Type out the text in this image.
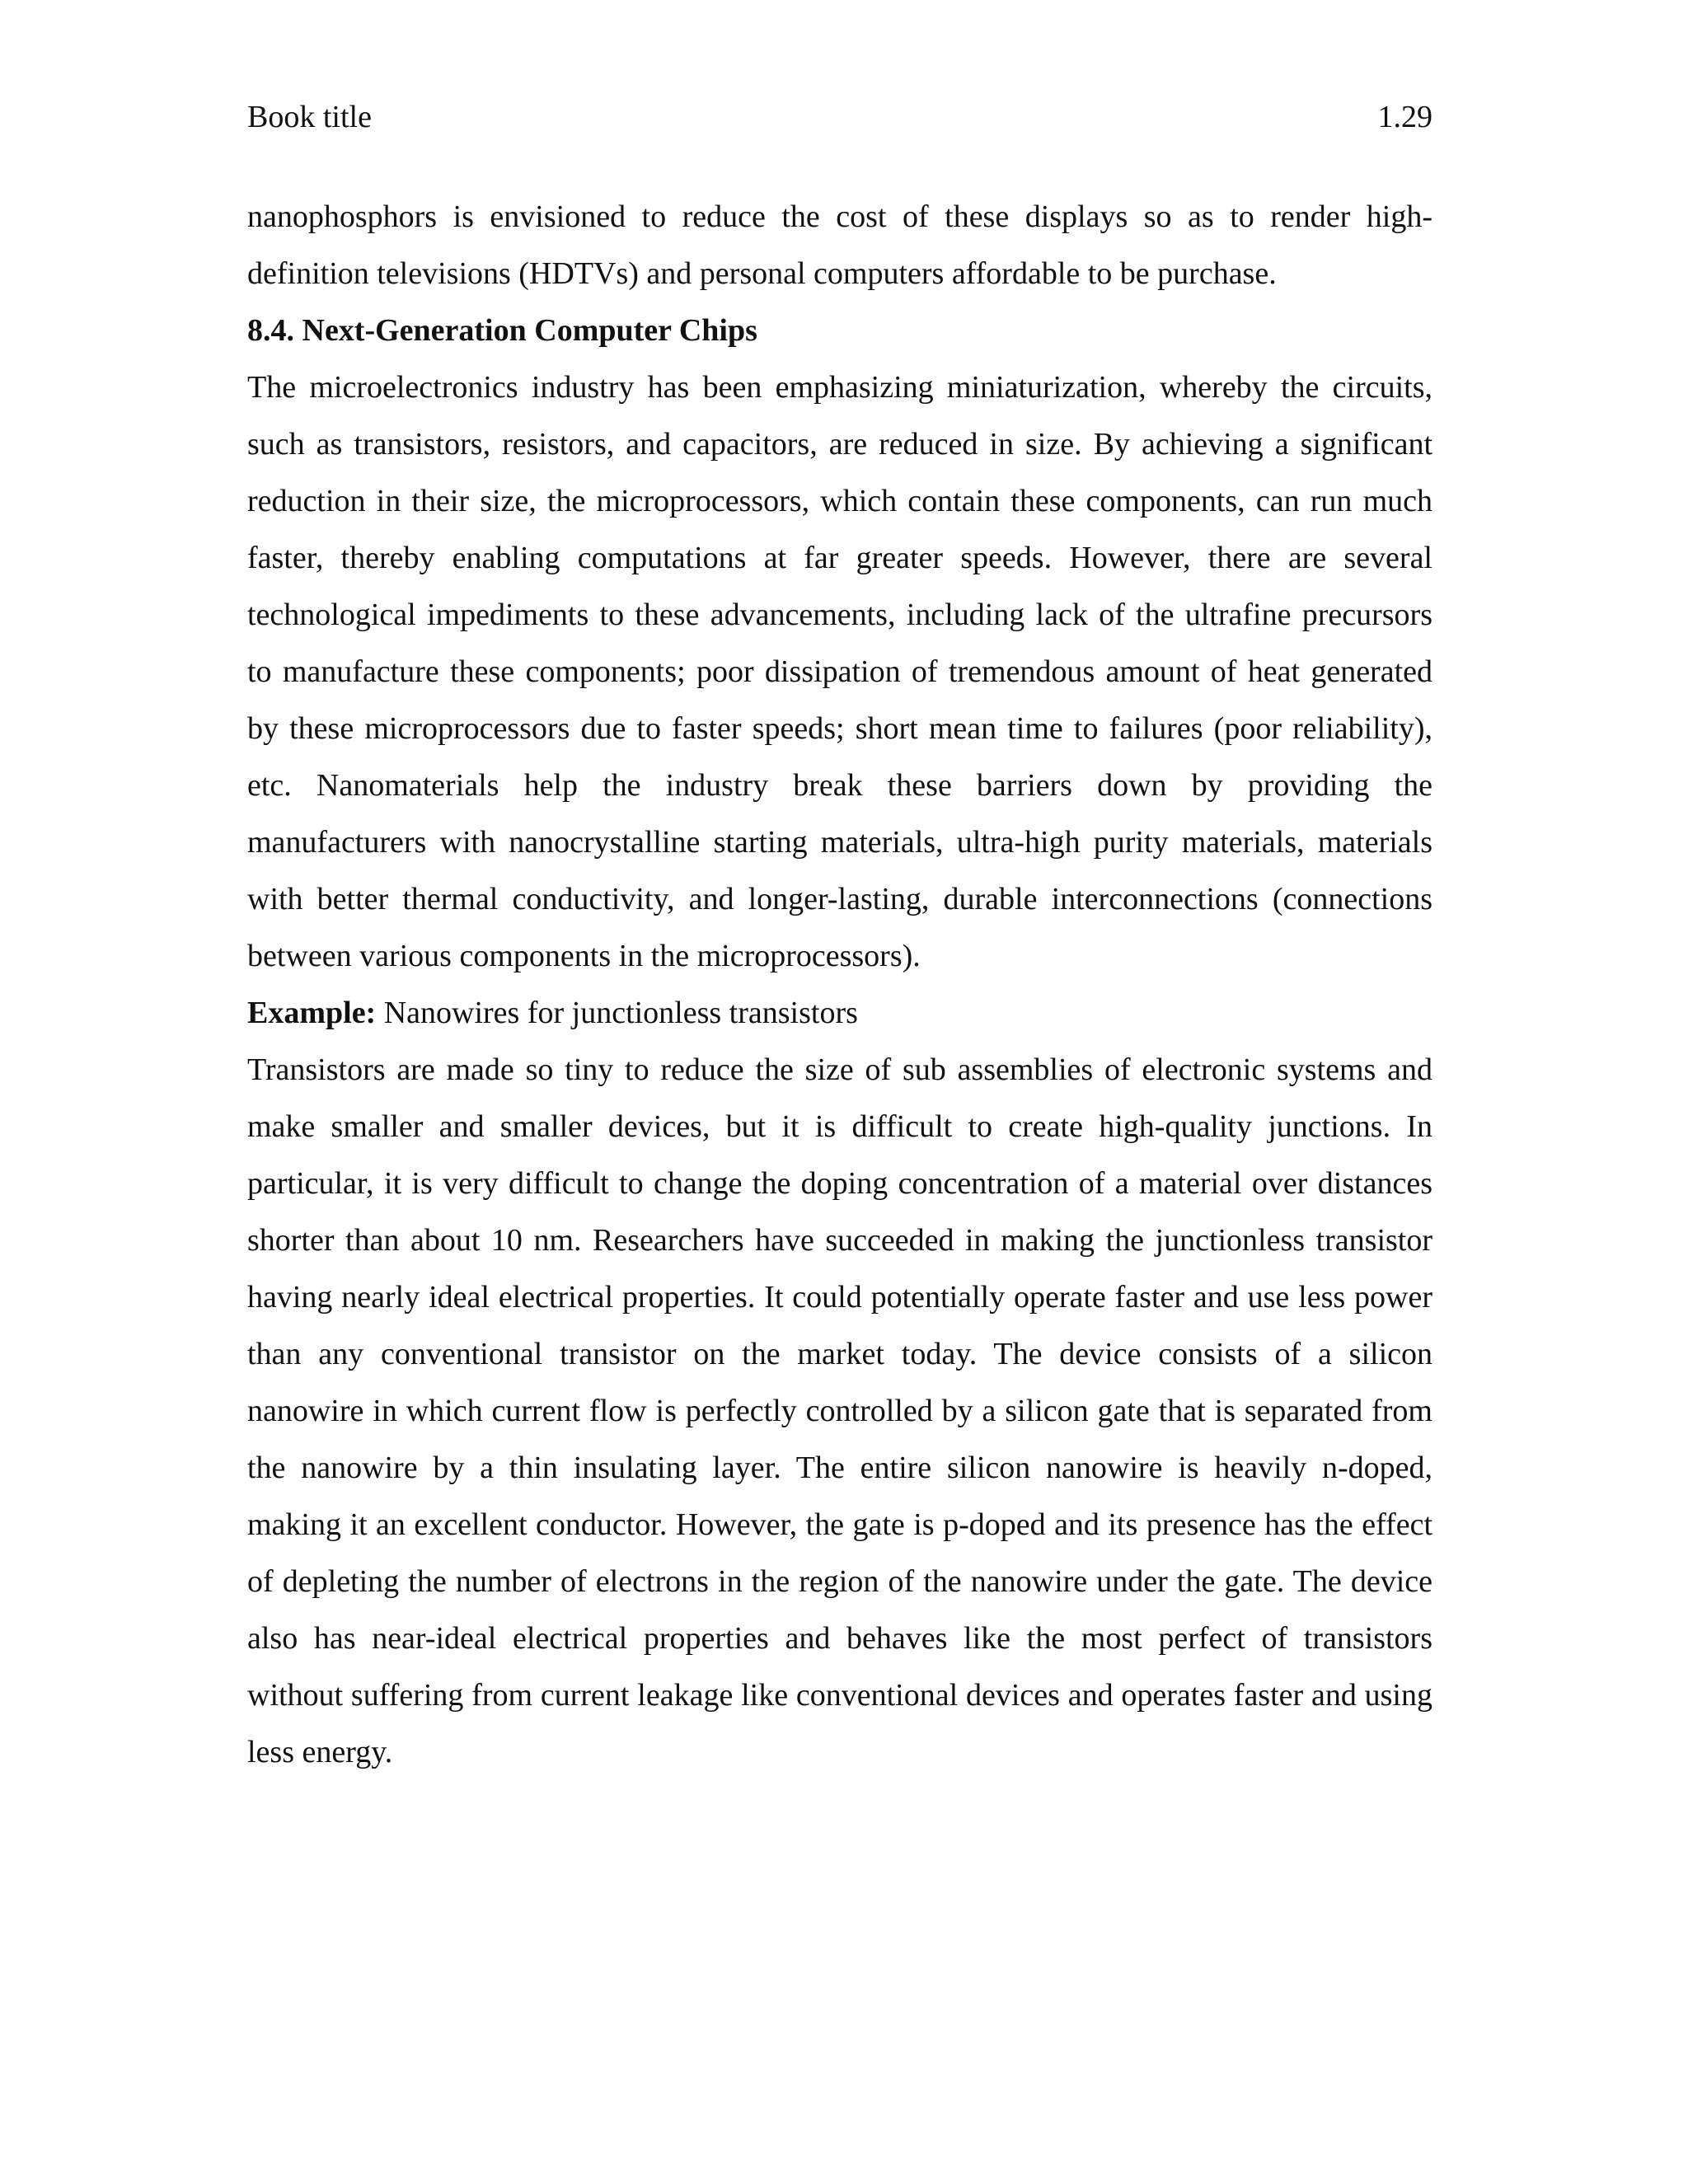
Book title	1.29

nanophosphors is envisioned to reduce the cost of these displays so as to render high-definition televisions (HDTVs) and personal computers affordable to be purchase.

8.4. Next-Generation Computer Chips

The microelectronics industry has been emphasizing miniaturization, whereby the circuits, such as transistors, resistors, and capacitors, are reduced in size. By achieving a significant reduction in their size, the microprocessors, which contain these components, can run much faster, thereby enabling computations at far greater speeds. However, there are several technological impediments to these advancements, including lack of the ultrafine precursors to manufacture these components; poor dissipation of tremendous amount of heat generated by these microprocessors due to faster speeds; short mean time to failures (poor reliability), etc. Nanomaterials help the industry break these barriers down by providing the manufacturers with nanocrystalline starting materials, ultra-high purity materials, materials with better thermal conductivity, and longer-lasting, durable interconnections (connections between various components in the microprocessors).

Example: Nanowires for junctionless transistors

Transistors are made so tiny to reduce the size of sub assemblies of electronic systems and make smaller and smaller devices, but it is difficult to create high-quality junctions. In particular, it is very difficult to change the doping concentration of a material over distances shorter than about 10 nm. Researchers have succeeded in making the junctionless transistor having nearly ideal electrical properties. It could potentially operate faster and use less power than any conventional transistor on the market today. The device consists of a silicon nanowire in which current flow is perfectly controlled by a silicon gate that is separated from the nanowire by a thin insulating layer. The entire silicon nanowire is heavily n-doped, making it an excellent conductor. However, the gate is p-doped and its presence has the effect of depleting the number of electrons in the region of the nanowire under the gate. The device also has near-ideal electrical properties and behaves like the most perfect of transistors without suffering from current leakage like conventional devices and operates faster and using less energy.
